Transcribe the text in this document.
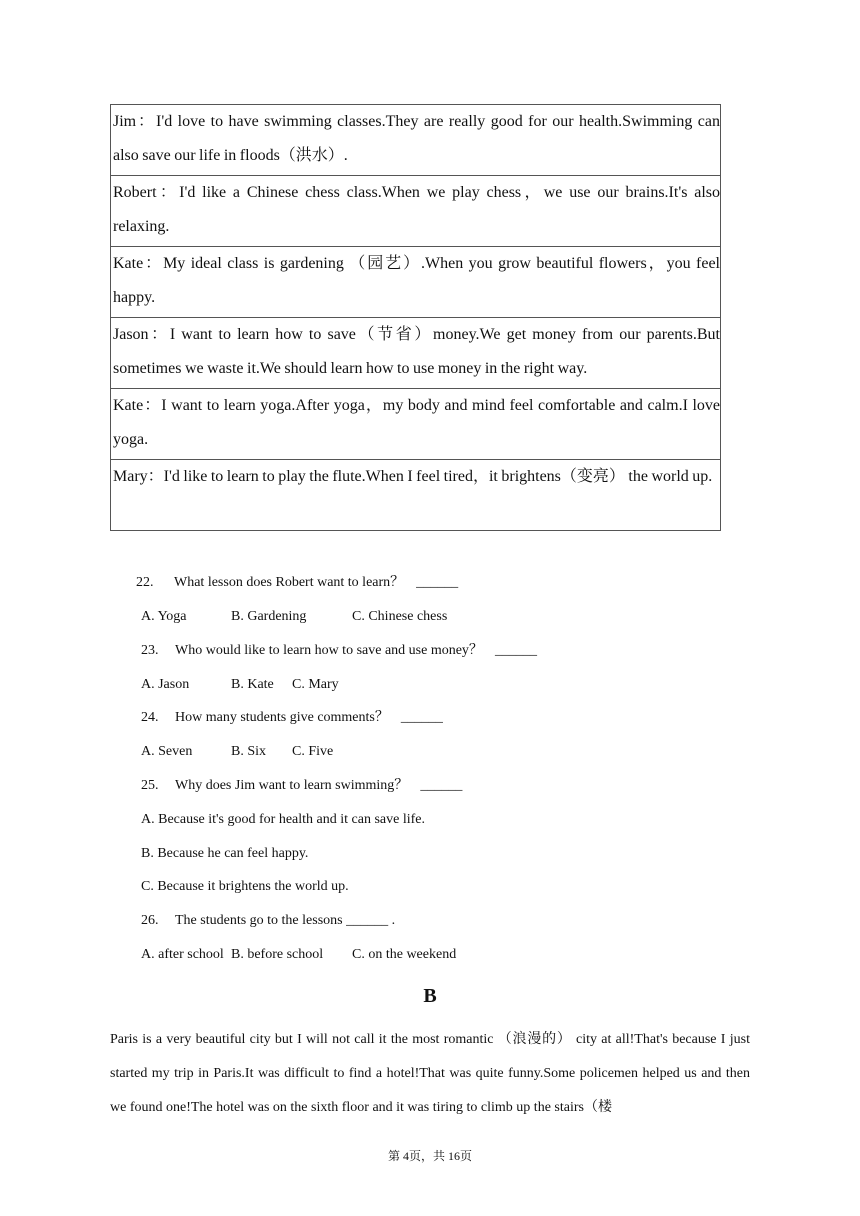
Jim：I'd love to have swimming classes.They are really good for our health.Swimming can also save our life in floods（洪水）.
Robert：I'd like a Chinese chess class.When we play chess，we use our brains.It's also relaxing.
Kate：My ideal class is gardening （园艺）.When you grow beautiful flowers，you feel happy.
Jason：I want to learn how to save（节省）money.We get money from our parents.But sometimes we waste it.We should learn how to use money in the right way.
Kate：I want to learn yoga.After yoga，my body and mind feel comfortable and calm.I love yoga.
Mary：I'd like to learn to play the flute.When I feel tired，it brightens（变亮） the world up.
22. What lesson does Robert want to learn？ ______
A. Yoga	B. Gardening	C. Chinese chess
23. Who would like to learn how to save and use money？ ______
A. Jason	B. Kate C. Mary
24. How many students give comments？ ______
A. Seven	B. Six C. Five
25. Why does Jim want to learn swimming？ ______
A. Because it's good for health and it can save life.
B. Because he can feel happy.
C. Because it brightens the world up.
26. The students go to the lessons ______ .
A. after school B. before school C. on the weekend
B
Paris is a very beautiful city but I will not call it the most romantic （浪漫的） city at all!That's because I just started my trip in Paris.It was difficult to find a hotel!That was quite funny.Some policemen helped us and then we found one!The hotel was on the sixth floor and it was tiring to climb up the stairs（楼
第 4页，共 16页
